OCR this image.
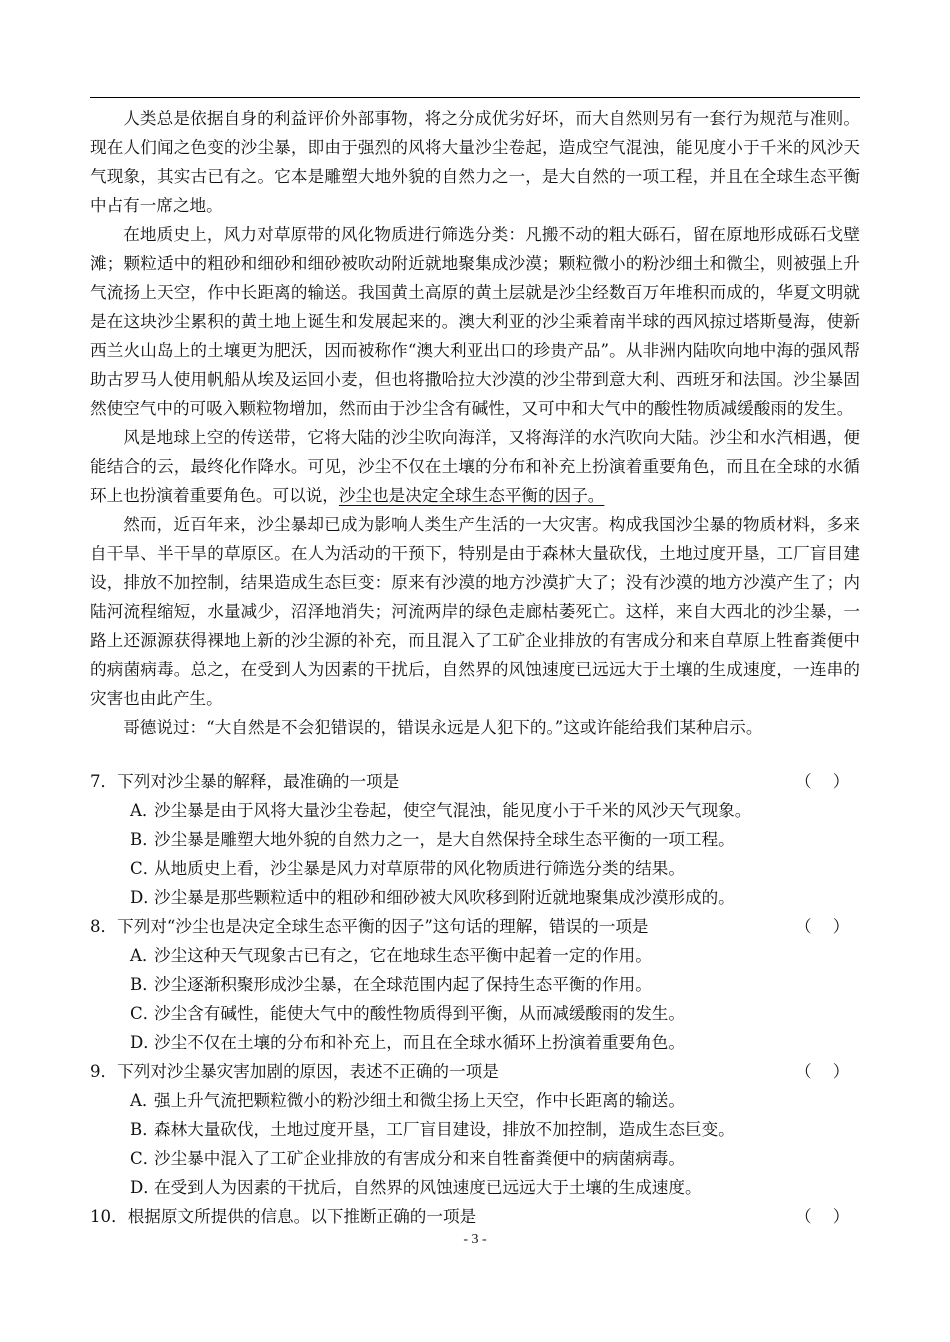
人类总是依据自身的利益评价外部事物，将之分成优劣好坏，而大自然则另有一套行为规范与准则。现在人们闻之色变的沙尘暴，即由于强烈的风将大量沙尘卷起，造成空气混浊，能见度小于千米的风沙天气现象，其实古已有之。它本是雕塑大地外貌的自然力之一，是大自然的一项工程，并且在全球生态平衡中占有一席之地。

在地质史上，风力对草原带的风化物质进行筛选分类：凡搬不动的粗大砾石，留在原地形成砾石戈壁滩；颗粒适中的粗砂和细砂和细砂被吹动附近就地聚集成沙漠；颗粒微小的粉沙细土和微尘，则被强上升气流扬上天空，作中长距离的输送。我国黄土高原的黄土层就是沙尘经数百万年堆积而成的，华夏文明就是在这块沙尘累积的黄土地上诞生和发展起来的。澳大利亚的沙尘乘着南半球的西风掠过塔斯曼海，使新西兰火山岛上的土壤更为肥沃，因而被称作“澳大利亚出口的珍贵产品”。从非洲内陆吹向地中海的强风帮助古罗马人使用帆船从埃及运回小麦，但也将撒哈拉大沙漠的沙尘带到意大利、西班牙和法国。沙尘暴固然使空气中的可吸入颗粒物增加，然而由于沙尘含有碱性，又可中和大气中的酸性物质减缓酸雨的发生。

风是地球上空的传送带，它将大陆的沙尘吹向海洋，又将海洋的水汽吹向大陆。沙尘和水汽相遇，便能结合的云，最终化作降水。可见，沙尘不仅在土壤的分布和补充上扮演着重要角色，而且在全球的水循环上也扮演着重要角色。可以说，沙尘也是决定全球生态平衡的因子。

然而，近百年来，沙尘暴却已成为影响人类生产生活的一大灾害。构成我国沙尘暴的物质材料，多来自干旱、半干旱的草原区。在人为活动的干预下，特别是由于森林大量砍伐，土地过度开垦，工厂盲目建设，排放不加控制，结果造成生态巨变：原来有沙漠的地方沙漠扩大了；没有沙漠的地方沙漠产生了；内陆河流程缩短，水量减少，沼泽地消失；河流两岸的绿色走廊枯萎死亡。这样，来自大西北的沙尘暴，一路上还源源获得裸地上新的沙尘源的补充，而且混入了工矿企业排放的有害成分和来自草原上牲畜粪便中的病菌病毒。总之，在受到人为因素的干扰后，自然界的风蚀速度已远远大于土壤的生成速度，一连串的灾害也由此产生。

哥德说过：“大自然是不会犯错误的，错误永远是人犯下的。”这或许能给我们某种启示。

7．下列对沙尘暴的解释，最准确的一项是	（    ）
A．沙尘暴是由于风将大量沙尘卷起，使空气混浊，能见度小于千米的风沙天气现象。
B．沙尘暴是雕塑大地外貌的自然力之一，是大自然保持全球生态平衡的一项工程。
C．从地质史上看，沙尘暴是风力对草原带的风化物质进行筛选分类的结果。
D．沙尘暴是那些颗粒适中的粗砂和细砂被大风吹移到附近就地聚集成沙漠形成的。
8．下列对“沙尘也是决定全球生态平衡的因子”这句话的理解，错误的一项是	（    ）
A．沙尘这种天气现象古已有之，它在地球生态平衡中起着一定的作用。
B．沙尘逐渐积聚形成沙尘暴，在全球范围内起了保持生态平衡的作用。
C．沙尘含有碱性，能使大气中的酸性物质得到平衡，从而减缓酸雨的发生。
D．沙尘不仅在土壤的分布和补充上，而且在全球水循环上扮演着重要角色。
9．下列对沙尘暴灾害加剧的原因，表述不正确的一项是	（    ）
A．强上升气流把颗粒微小的粉沙细土和微尘扬上天空，作中长距离的输送。
B．森林大量砍伐，土地过度开垦，工厂盲目建设，排放不加控制，造成生态巨变。
C．沙尘暴中混入了工矿企业排放的有害成分和来自牲畜粪便中的病菌病毒。
D．在受到人为因素的干扰后，自然界的风蚀速度已远远大于土壤的生成速度。
10．根据原文所提供的信息。以下推断正确的一项是	（    ）
- 3 -
